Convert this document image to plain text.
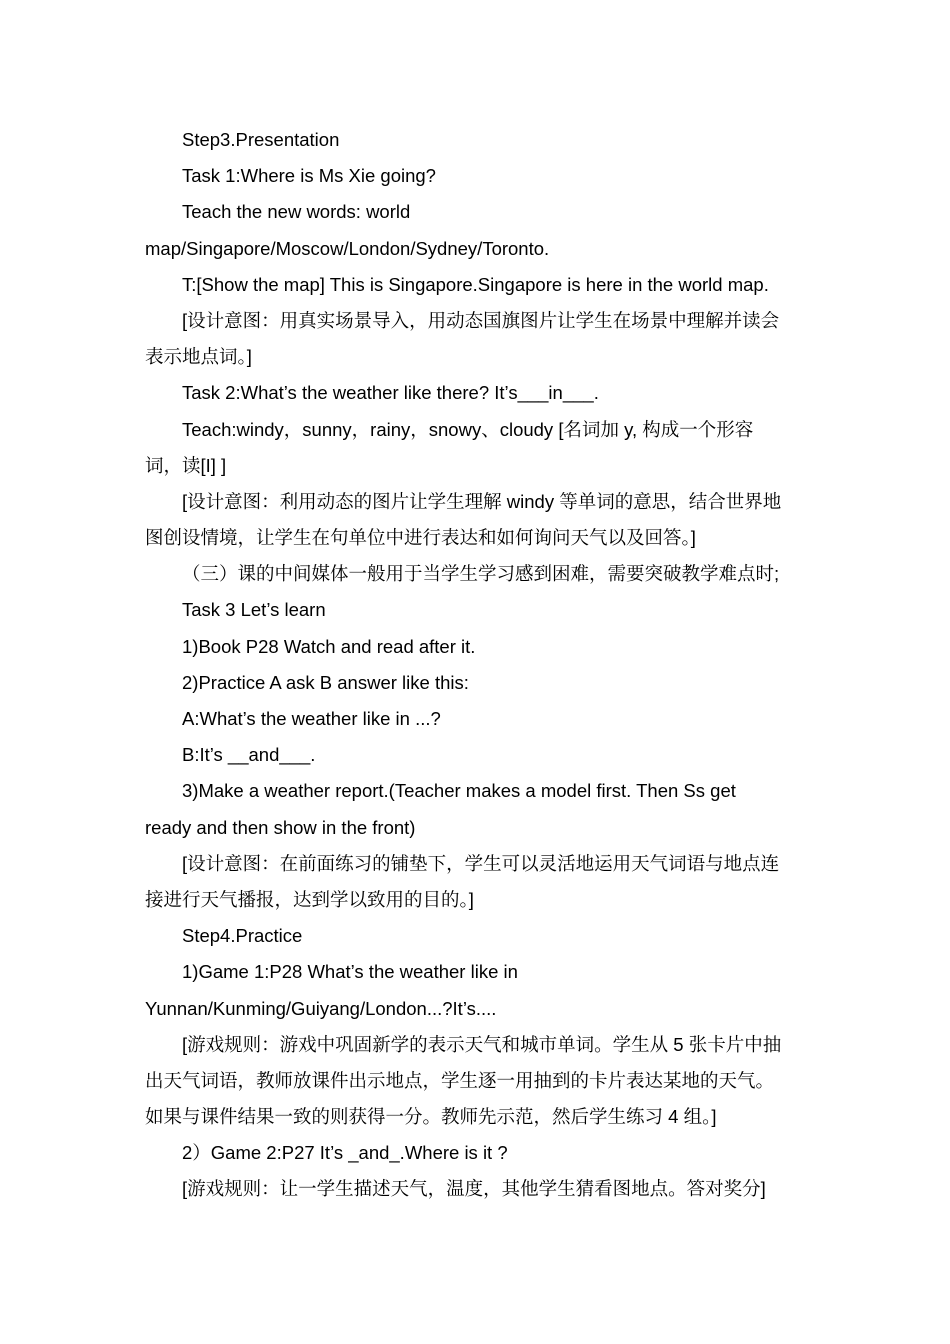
Step3.Presentation
Task 1:Where is Ms Xie going?
Teach the new words: world
map/Singapore/Moscow/London/Sydney/Toronto.
T:[Show the map] This is Singapore.Singapore is here in the world map.
[设计意图：用真实场景导入，用动态国旗图片让学生在场景中理解并读会
表示地点词。]
Task 2:What’s the weather like there? It’s___in___.
Teach:windy，sunny，rainy，snowy、cloudy [名词加 y, 构成一个形容
词，读[I] ]
[设计意图：利用动态的图片让学生理解 windy 等单词的意思，结合世界地
图创设情境，让学生在句单位中进行表达和如何询问天气以及回答。]
（三）课的中间媒体一般用于当学生学习感到困难，需要突破教学难点时;
Task 3 Let’s learn
1)Book P28 Watch and read after it.
2)Practice A ask B answer like this:
A:What’s the weather like in ...?
B:It’s __and___.
3)Make a weather report.(Teacher makes a model first. Then Ss get
ready and then show in the front)
[设计意图：在前面练习的铺垫下，学生可以灵活地运用天气词语与地点连
接进行天气播报，达到学以致用的目的。]
Step4.Practice
1)Game 1:P28 What’s the weather like in
Yunnan/Kunming/Guiyang/London...?It’s....
[游戏规则：游戏中巩固新学的表示天气和城市单词。学生从 5 张卡片中抽
出天气词语，教师放课件出示地点，学生逐一用抽到的卡片表达某地的天气。
如果与课件结果一致的则获得一分。教师先示范，然后学生练习 4 组。]
2）Game 2:P27 It’s _and_.Where is it ?
[游戏规则：让一学生描述天气，温度，其他学生猜看图地点。答对奖分]
